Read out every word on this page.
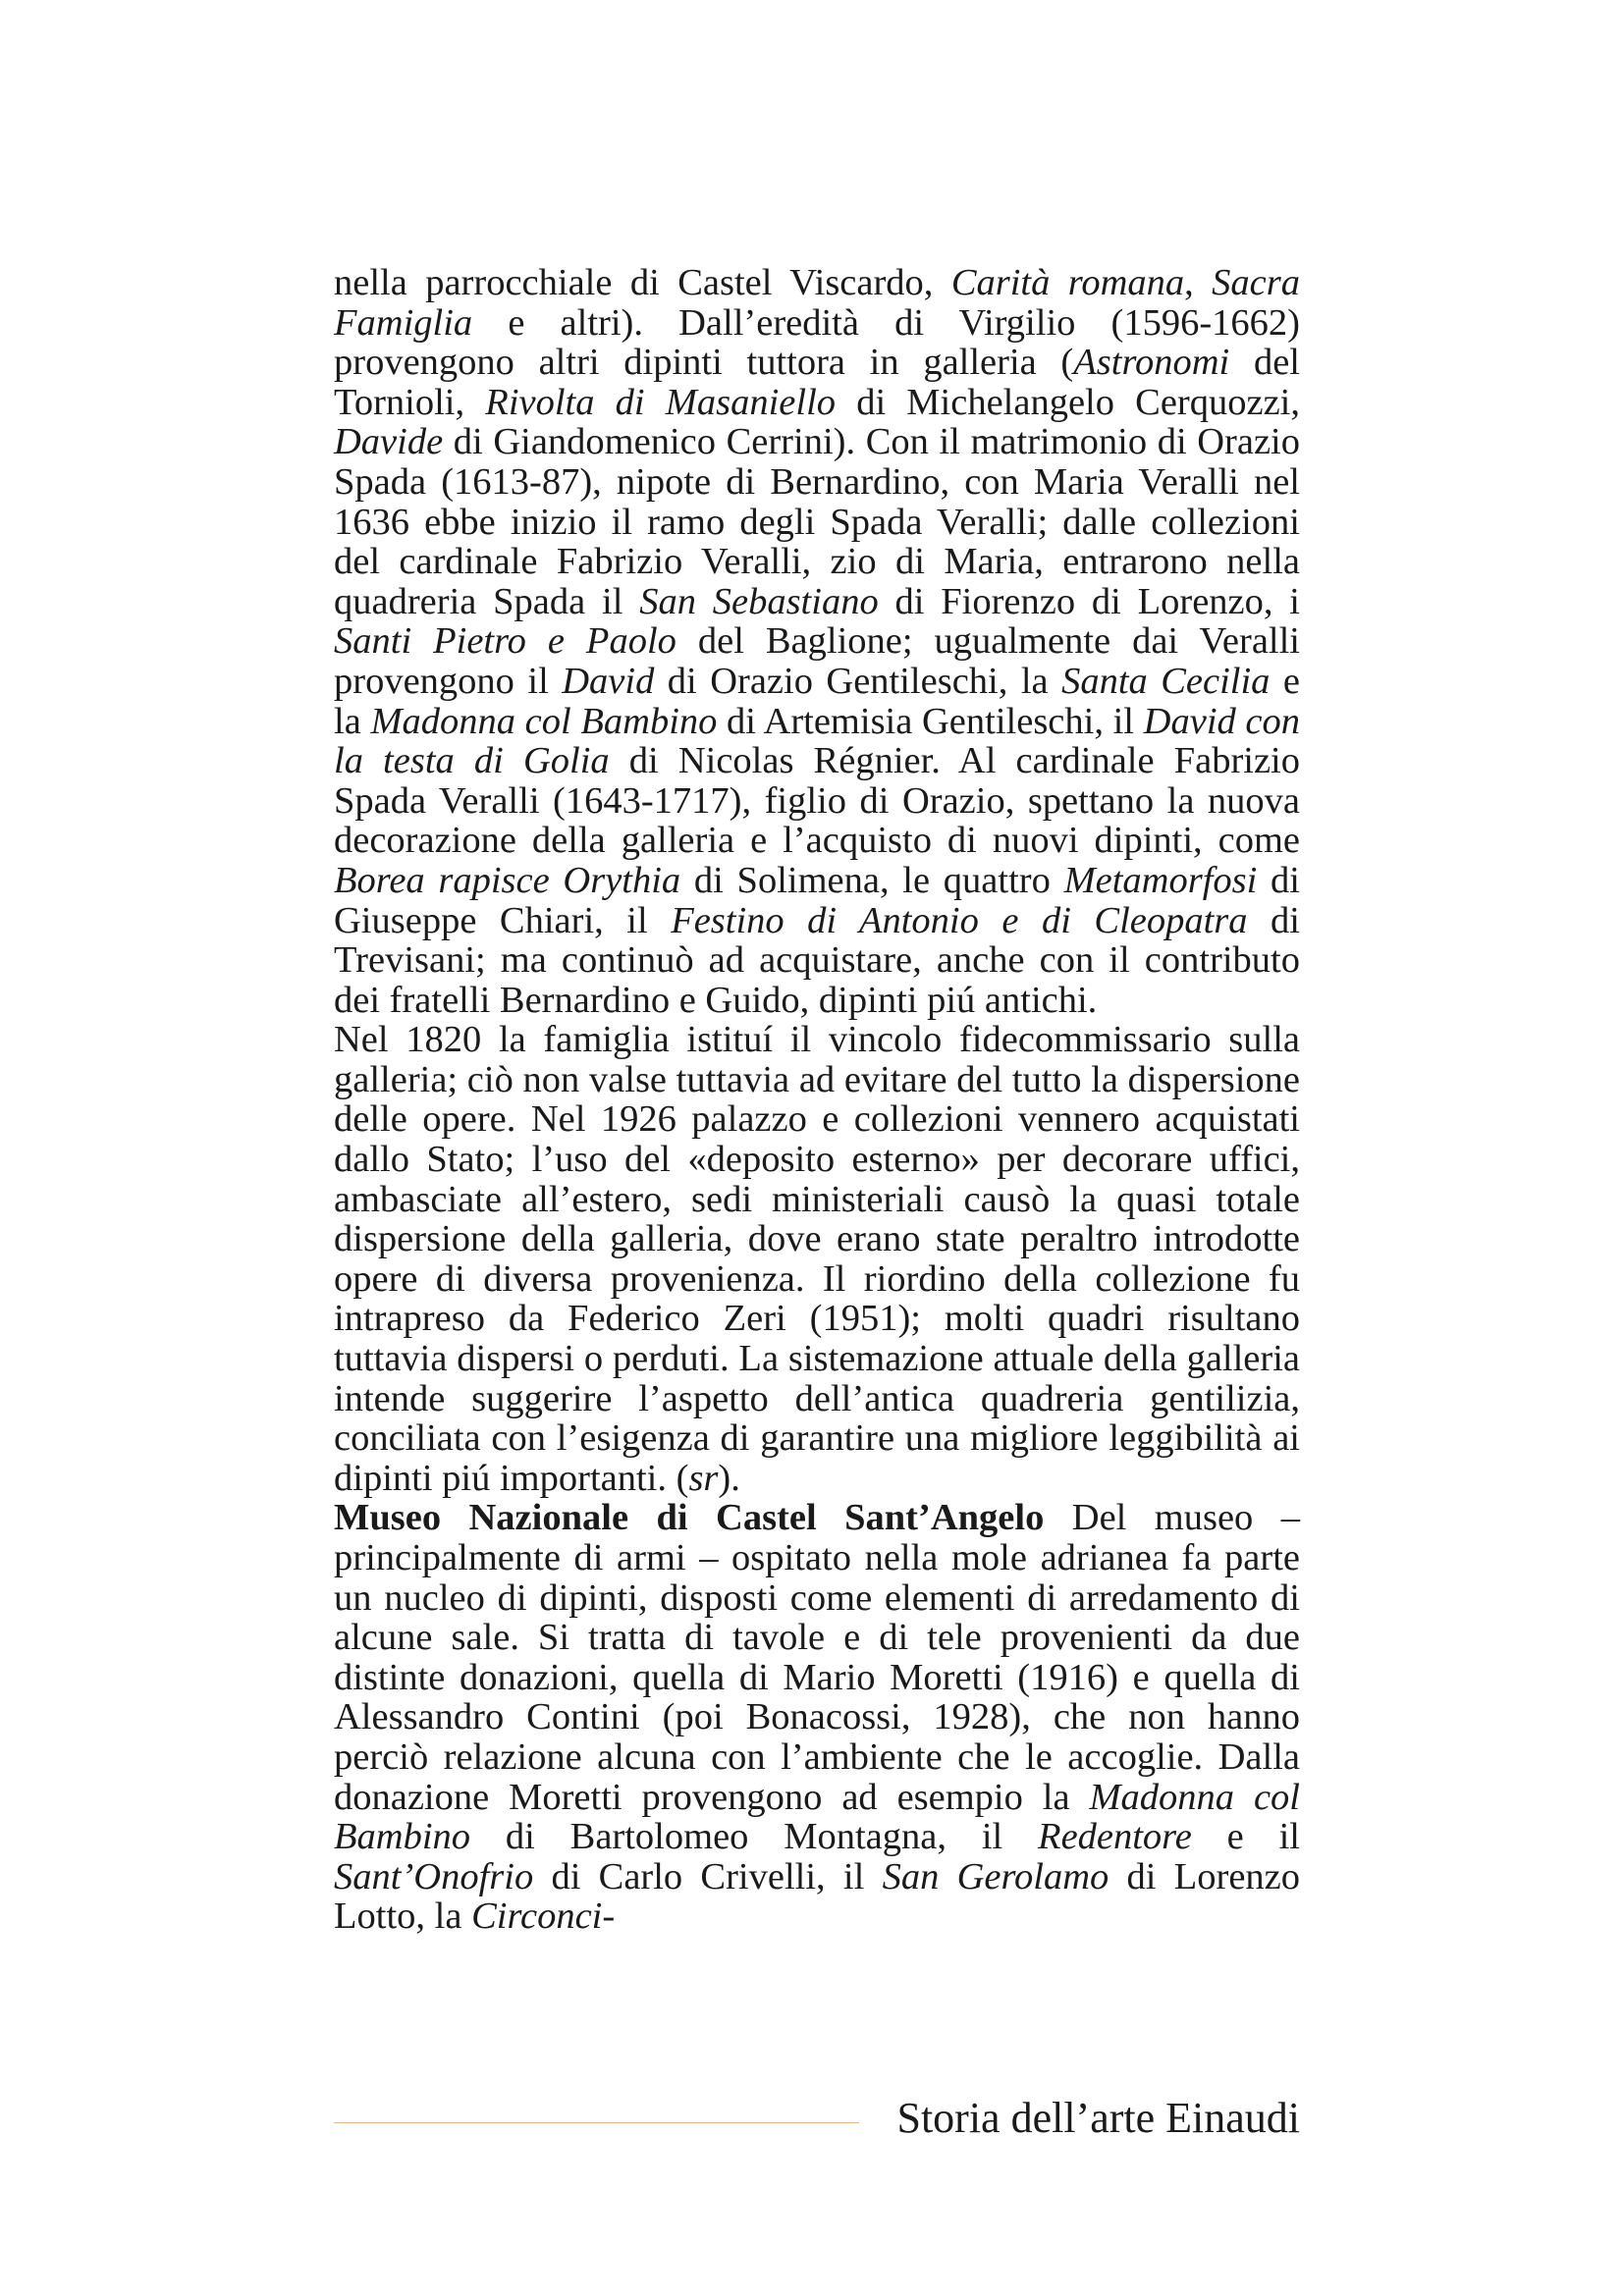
nella parrocchiale di Castel Viscardo, Carità romana, Sacra Famiglia e altri). Dall’eredità di Virgilio (1596-1662) provengono altri dipinti tuttora in galleria (Astronomi del Tornioli, Rivolta di Masaniello di Michelangelo Cerquozzi, Davide di Giandomenico Cerrini). Con il matrimonio di Orazio Spada (1613-87), nipote di Bernardino, con Maria Veralli nel 1636 ebbe inizio il ramo degli Spada Veralli; dalle collezioni del cardinale Fabrizio Veralli, zio di Maria, entrarono nella quadreria Spada il San Sebastiano di Fiorenzo di Lorenzo, i Santi Pietro e Paolo del Baglione; ugualmente dai Veralli provengono il David di Orazio Gentileschi, la Santa Cecilia e la Madonna col Bambino di Artemisia Gentileschi, il David con la testa di Golia di Nicolas Régnier. Al cardinale Fabrizio Spada Veralli (1643-1717), figlio di Orazio, spettano la nuova decorazione della galleria e l’acquisto di nuovi dipinti, come Borea rapisce Orythia di Solimena, le quattro Metamorfosi di Giuseppe Chiari, il Festino di Antonio e di Cleopatra di Trevisani; ma continuò ad acquistare, anche con il contributo dei fratelli Bernardino e Guido, dipinti piú antichi.

Nel 1820 la famiglia istituí il vincolo fidecommissario sulla galleria; ciò non valse tuttavia ad evitare del tutto la dispersione delle opere. Nel 1926 palazzo e collezioni vennero acquistati dallo Stato; l’uso del «deposito esterno» per decorare uffici, ambasciate all’estero, sedi ministeriali causò la quasi totale dispersione della galleria, dove erano state peraltro introdotte opere di diversa provenienza. Il riordino della collezione fu intrapreso da Federico Zeri (1951); molti quadri risultano tuttavia dispersi o perduti. La sistemazione attuale della galleria intende suggerire l’aspetto dell’antica quadreria gentilizia, conciliata con l’esigenza di garantire una migliore leggibilità ai dipinti piú importanti. (sr).

Museo Nazionale di Castel Sant’Angelo Del museo – principalmente di armi – ospitato nella mole adrianea fa parte un nucleo di dipinti, disposti come elementi di arredamento di alcune sale. Si tratta di tavole e di tele provenienti da due distinte donazioni, quella di Mario Moretti (1916) e quella di Alessandro Contini (poi Bonacossi, 1928), che non hanno perciò relazione alcuna con l’ambiente che le accoglie. Dalla donazione Moretti provengono ad esempio la Madonna col Bambino di Bartolomeo Montagna, il Redentore e il Sant’Onofrio di Carlo Crivelli, il San Gerolamo di Lorenzo Lotto, la Circonci-

Storia dell’arte Einaudi
